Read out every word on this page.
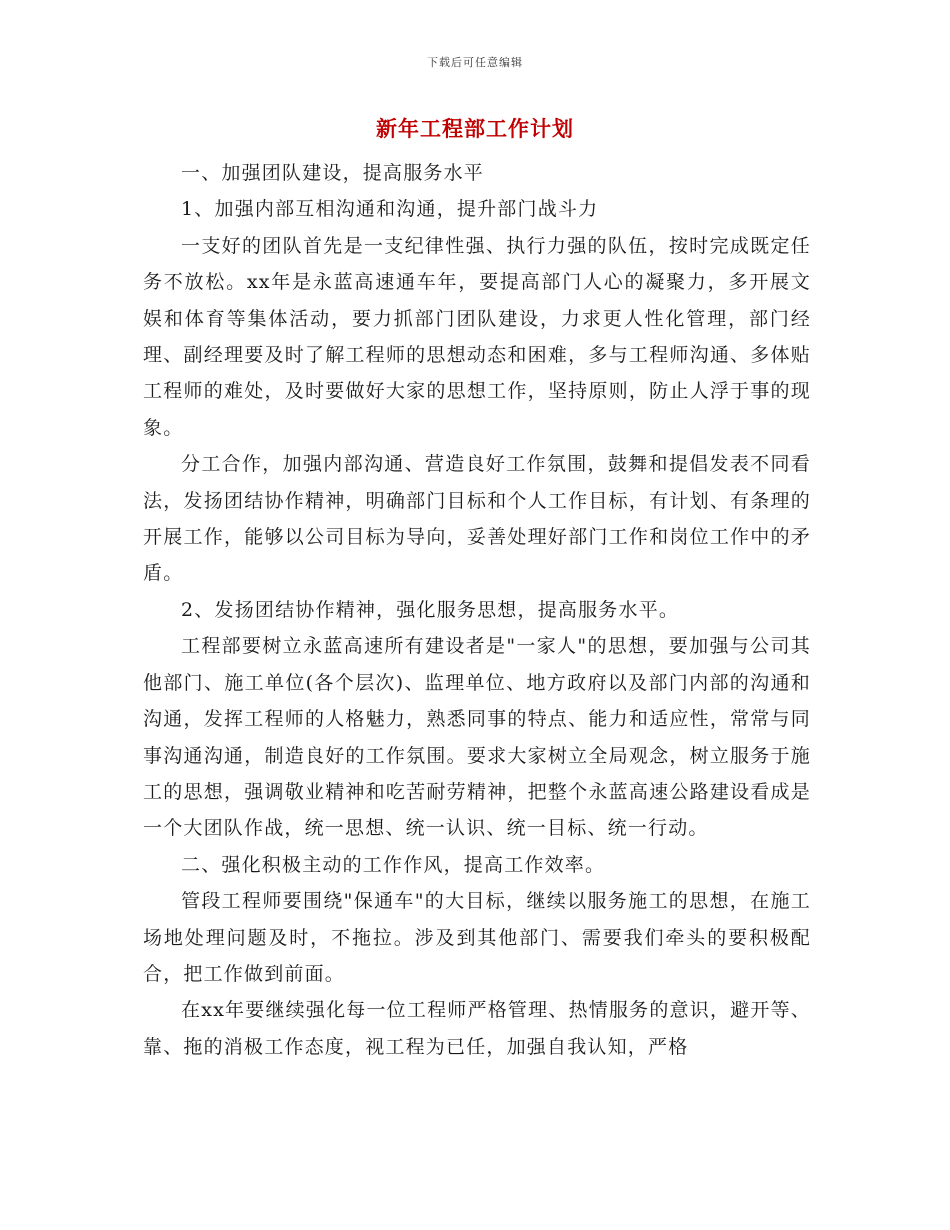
下载后可任意编辑
新年工程部工作计划

一、加强团队建设，提高服务水平

1、加强内部互相沟通和沟通，提升部门战斗力

一支好的团队首先是一支纪律性强、执行力强的队伍，按时完成既定任务不放松。xx年是永蓝高速通车年，要提高部门人心的凝聚力，多开展文娱和体育等集体活动，要力抓部门团队建设，力求更人性化管理，部门经理、副经理要及时了解工程师的思想动态和困难，多与工程师沟通、多体贴工程师的难处，及时要做好大家的思想工作，坚持原则，防止人浮于事的现象。

分工合作，加强内部沟通、营造良好工作氛围，鼓舞和提倡发表不同看法，发扬团结协作精神，明确部门目标和个人工作目标，有计划、有条理的开展工作，能够以公司目标为导向，妥善处理好部门工作和岗位工作中的矛盾。

2、发扬团结协作精神，强化服务思想，提高服务水平。

工程部要树立永蓝高速所有建设者是"一家人"的思想，要加强与公司其他部门、施工单位(各个层次)、监理单位、地方政府以及部门内部的沟通和沟通，发挥工程师的人格魅力，熟悉同事的特点、能力和适应性，常常与同事沟通沟通，制造良好的工作氛围。要求大家树立全局观念，树立服务于施工的思想，强调敬业精神和吃苦耐劳精神，把整个永蓝高速公路建设看成是一个大团队作战，统一思想、统一认识、统一目标、统一行动。

二、强化积极主动的工作作风，提高工作效率。

管段工程师要围绕"保通车"的大目标，继续以服务施工的思想，在施工场地处理问题及时，不拖拉。涉及到其他部门、需要我们牵头的要积极配合，把工作做到前面。

在xx年要继续强化每一位工程师严格管理、热情服务的意识，避开等、靠、拖的消极工作态度，视工程为已任，加强自我认知，严格
